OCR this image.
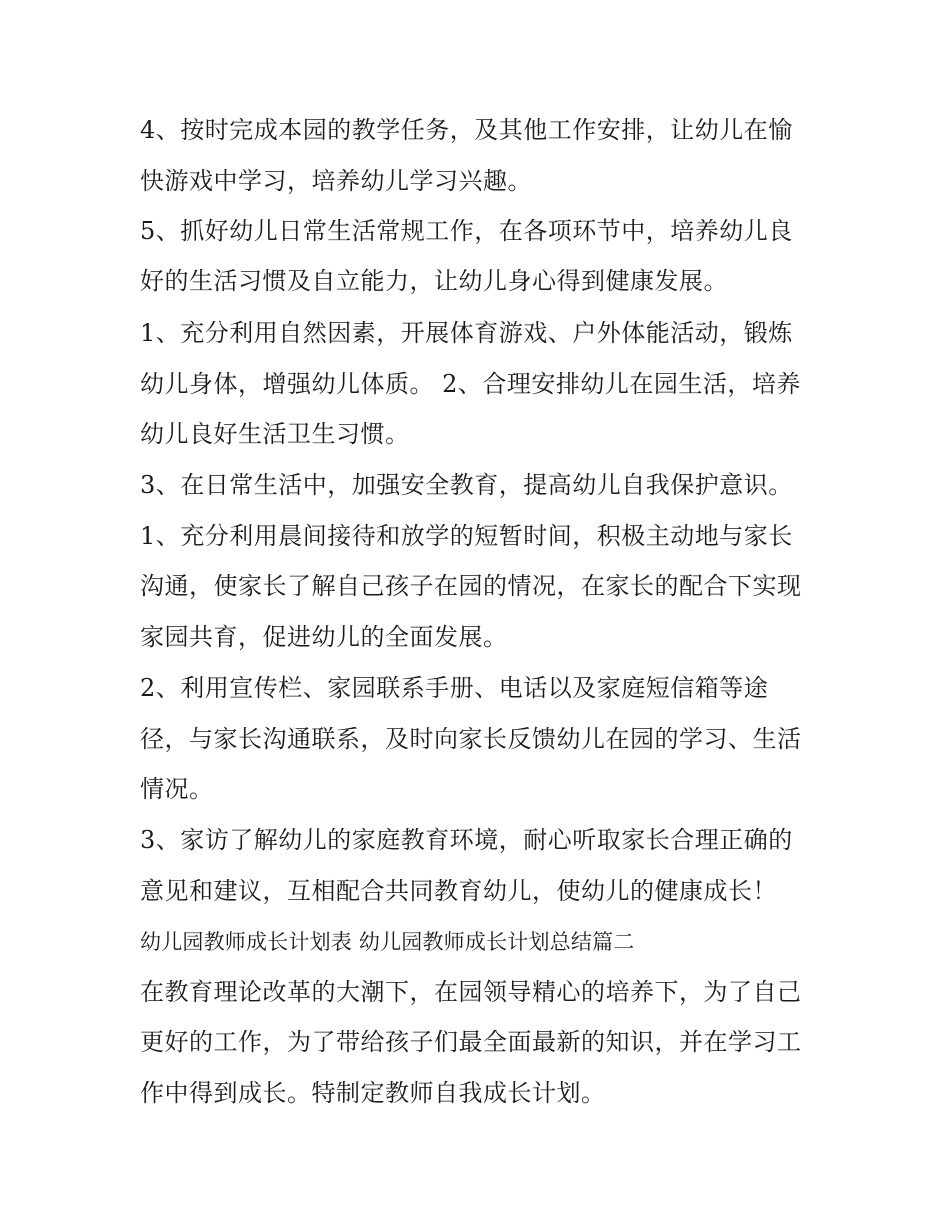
4、按时完成本园的教学任务，及其他工作安排，让幼儿在愉
快游戏中学习，培养幼儿学习兴趣。
5、抓好幼儿日常生活常规工作，在各项环节中，培养幼儿良
好的生活习惯及自立能力，让幼儿身心得到健康发展。
1、充分利用自然因素，开展体育游戏、户外体能活动，锻炼
幼儿身体，增强幼儿体质。 2、合理安排幼儿在园生活，培养
幼儿良好生活卫生习惯。
3、在日常生活中，加强安全教育，提高幼儿自我保护意识。
1、充分利用晨间接待和放学的短暂时间，积极主动地与家长
沟通，使家长了解自己孩子在园的情况，在家长的配合下实现
家园共育，促进幼儿的全面发展。
2、利用宣传栏、家园联系手册、电话以及家庭短信箱等途
径，与家长沟通联系，及时向家长反馈幼儿在园的学习、生活
情况。
3、家访了解幼儿的家庭教育环境，耐心听取家长合理正确的
意见和建议，互相配合共同教育幼儿，使幼儿的健康成长！
幼儿园教师成长计划表 幼儿园教师成长计划总结篇二
在教育理论改革的大潮下，在园领导精心的培养下，为了自己
更好的工作，为了带给孩子们最全面最新的知识，并在学习工
作中得到成长。特制定教师自我成长计划。
